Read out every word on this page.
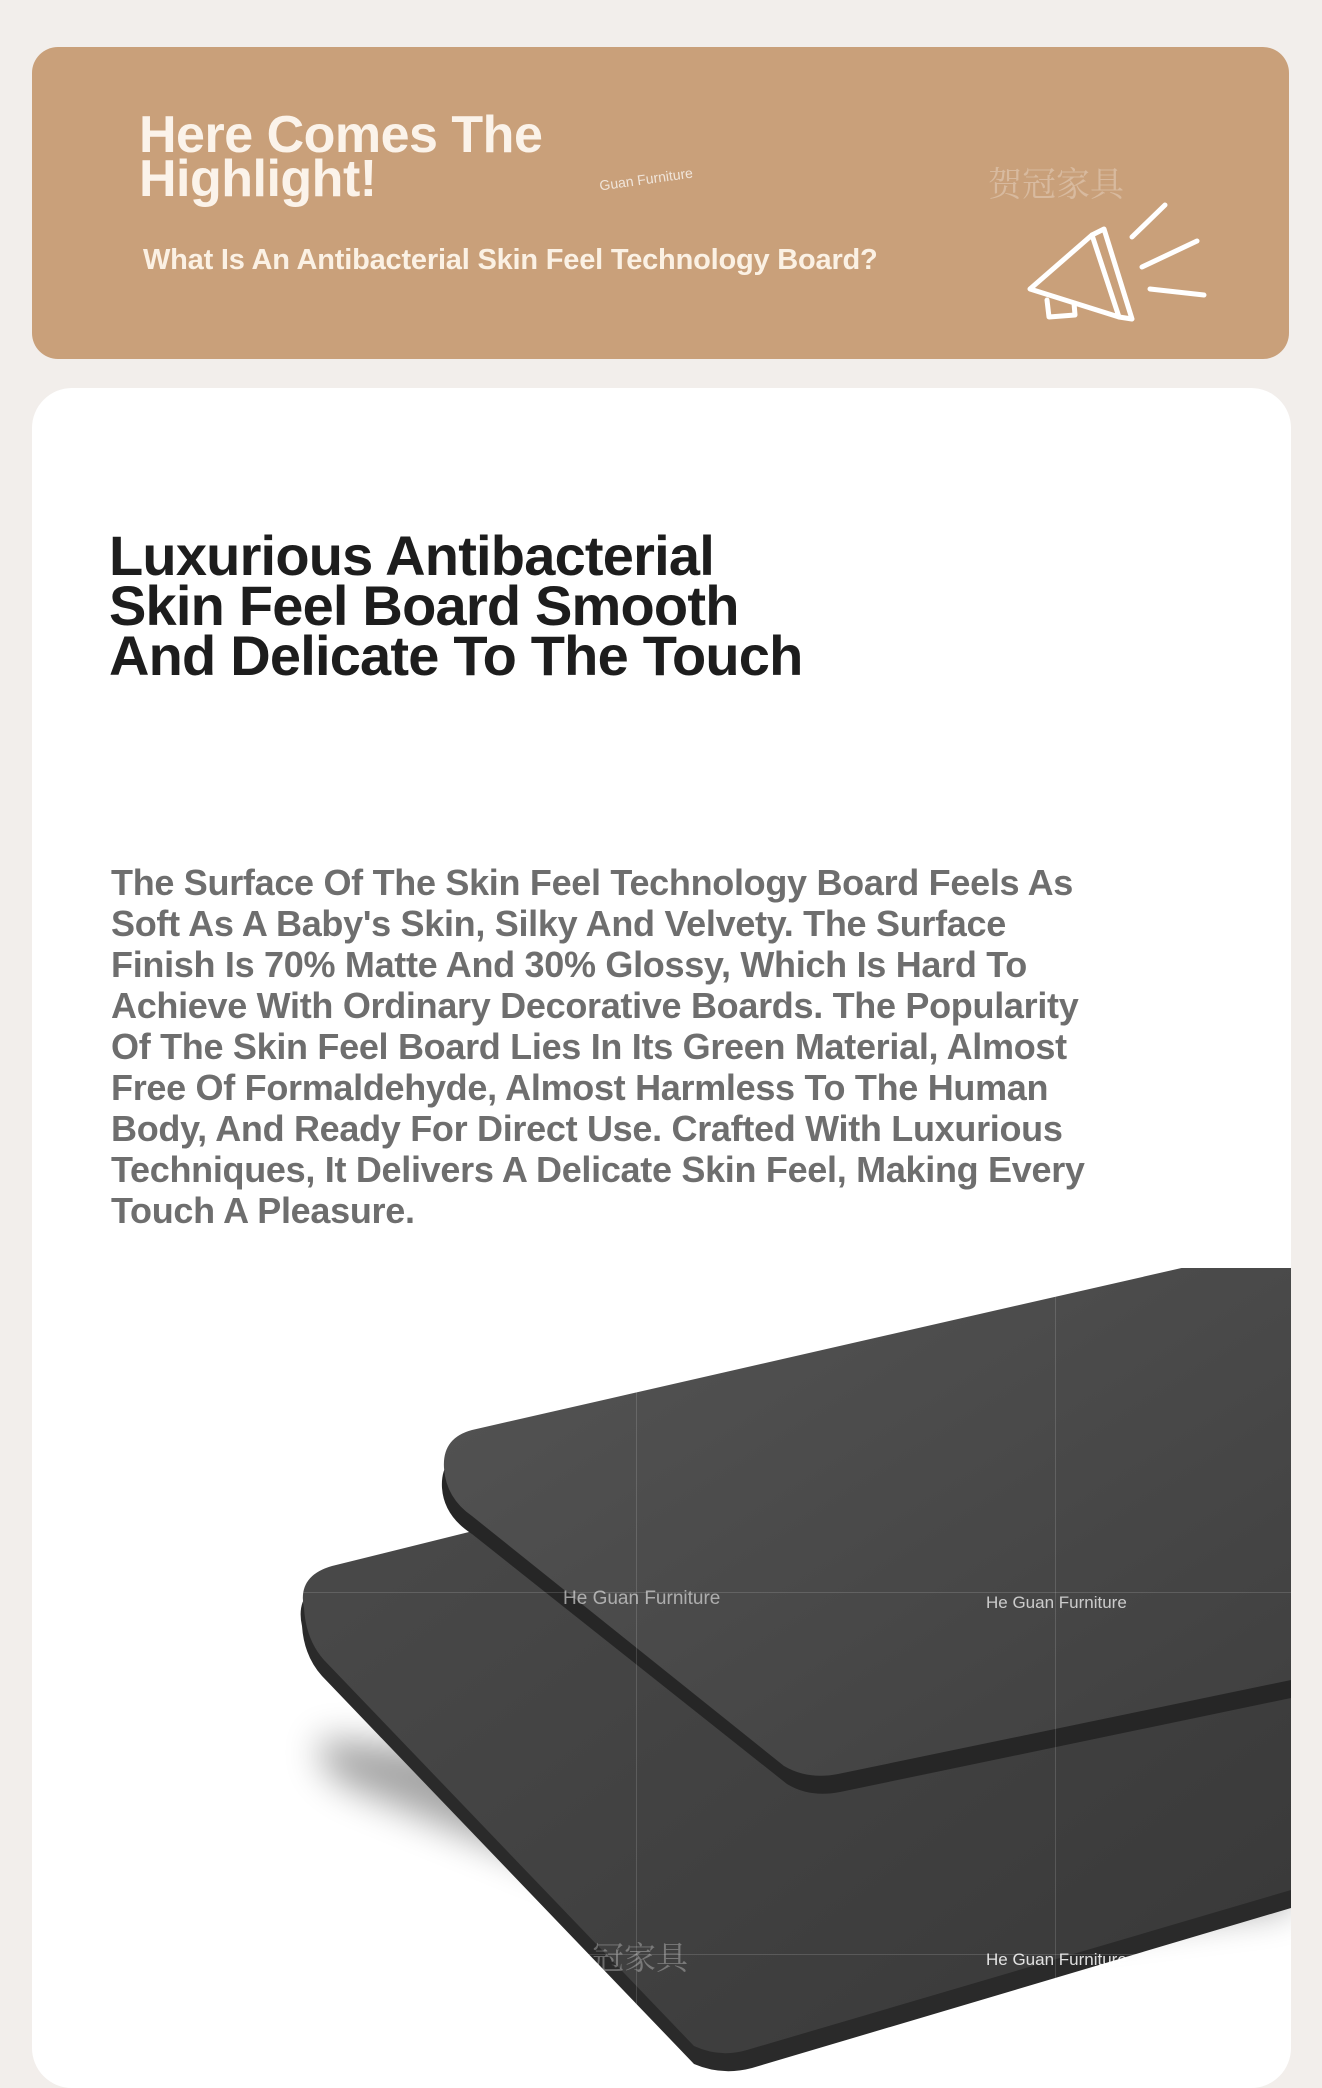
Here Comes The Highlight!

What Is An Antibacterial Skin Feel Technology Board?

Guan Furniture	贺冠家具
Luxurious Antibacterial Skin Feel Board Smooth And Delicate To The Touch

The Surface Of The Skin Feel Technology Board Feels As Soft As A Baby's Skin, Silky And Velvety. The Surface Finish Is 70% Matte And 30% Glossy, Which Is Hard To Achieve With Ordinary Decorative Boards. The Popularity Of The Skin Feel Board Lies In Its Green Material, Almost Free Of Formaldehyde, Almost Harmless To The Human Body, And Ready For Direct Use. Crafted With Luxurious Techniques, It Delivers A Delicate Skin Feel, Making Every Touch A Pleasure.

He Guan Furniture	He Guan Furniture
He Guan Furniture
冠家具
